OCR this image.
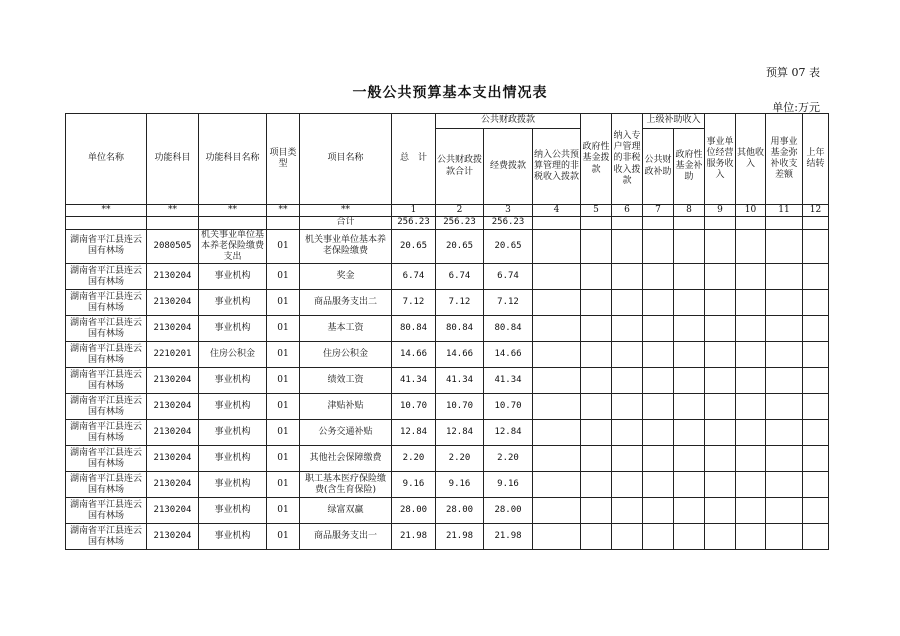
预算 07 表
一般公共预算基本支出情况表
单位:万元
单位名称	功能科目	功能科目名称	项目类型	项目名称	总　计	公共财政拨款			政府性基金拨款	纳入专户管理的非税收入拨款	上级补助收入		事业单位经营服务收入	其他收入	用事业基金弥补收支差额	上年结转
						公共财政拨款合计	经费拨款	纳入公共预算管理的非税收入拨款			公共财政补助	政府性基金补助				
**	**	**	**	**	1	2	3	4	5	6	7	8	9	10	11	12
				合计	256.23	256.23	256.23									
湖南省平江县连云国有林场	2080505	机关事业单位基本养老保险缴费支出	01	机关事业单位基本养老保险缴费	20.65	20.65	20.65									
湖南省平江县连云国有林场	2130204	事业机构	01	奖金	6.74	6.74	6.74									
湖南省平江县连云国有林场	2130204	事业机构	01	商品服务支出二	7.12	7.12	7.12									
湖南省平江县连云国有林场	2130204	事业机构	01	基本工资	80.84	80.84	80.84									
湖南省平江县连云国有林场	2210201	住房公积金	01	住房公积金	14.66	14.66	14.66									
湖南省平江县连云国有林场	2130204	事业机构	01	绩效工资	41.34	41.34	41.34									
湖南省平江县连云国有林场	2130204	事业机构	01	津贴补贴	10.70	10.70	10.70									
湖南省平江县连云国有林场	2130204	事业机构	01	公务交通补贴	12.84	12.84	12.84									
湖南省平江县连云国有林场	2130204	事业机构	01	其他社会保障缴费	2.20	2.20	2.20									
湖南省平江县连云国有林场	2130204	事业机构	01	职工基本医疗保险缴费(含生育保险)	9.16	9.16	9.16									
湖南省平江县连云国有林场	2130204	事业机构	01	绿富双赢	28.00	28.00	28.00									
湖南省平江县连云国有林场	2130204	事业机构	01	商品服务支出一	21.98	21.98	21.98									
